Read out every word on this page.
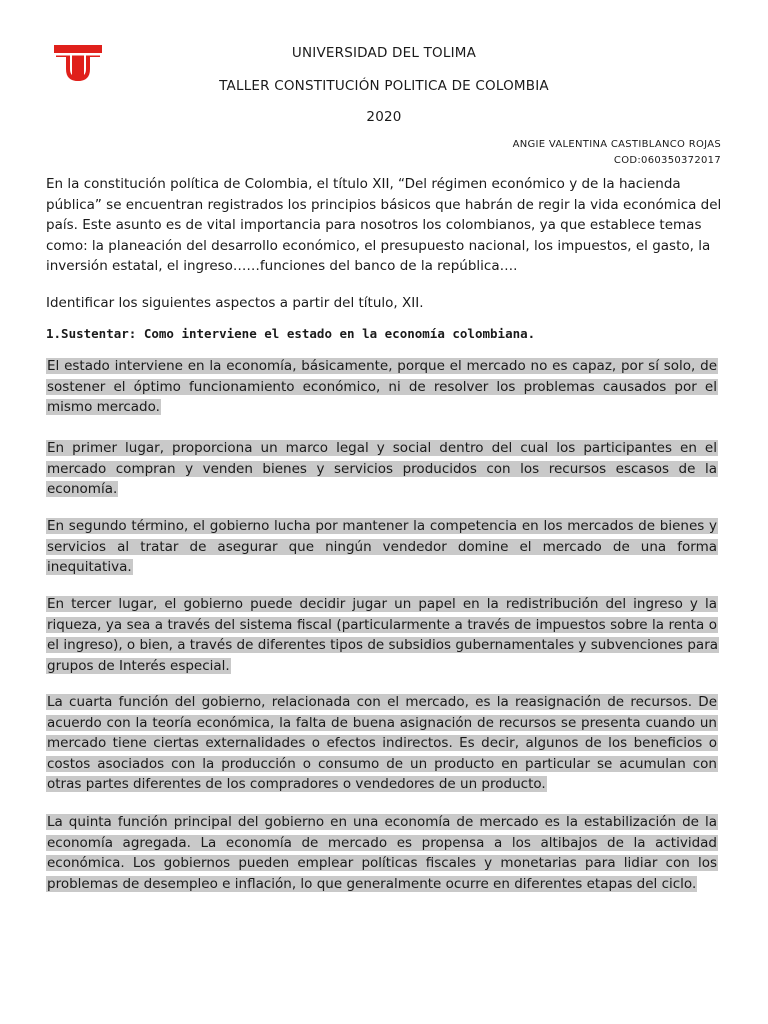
UNIVERSIDAD DEL TOLIMA
TALLER CONSTITUCIÓN POLITICA DE COLOMBIA
2020
ANGIE VALENTINA CASTIBLANCO ROJAS
COD:060350372017
En la constitución política de Colombia, el título XII, “Del régimen económico y de la hacienda pública” se encuentran registrados los principios básicos que habrán de regir la vida económica del país. Este asunto es de vital importancia para nosotros los colombianos, ya que establece temas como: la planeación del desarrollo económico, el presupuesto nacional, los impuestos, el gasto, la inversión estatal, el ingreso……funciones del banco de la república….
Identificar los siguientes aspectos a partir del título, XII.
1.Sustentar: Como interviene el estado en la economía colombiana.
El estado interviene en la economía, básicamente, porque el mercado no es capaz, por sí solo, de sostener el óptimo funcionamiento económico, ni de resolver los problemas causados por el mismo mercado.
En primer lugar, proporciona un marco legal y social dentro del cual los participantes en el mercado compran y venden bienes y servicios producidos con los recursos escasos de la economía.
En segundo término, el gobierno lucha por mantener la competencia en los mercados de bienes y servicios al tratar de asegurar que ningún vendedor domine el mercado de una forma inequitativa.
En tercer lugar, el gobierno puede decidir jugar un papel en la redistribución del ingreso y la riqueza, ya sea a través del sistema fiscal (particularmente a través de impuestos sobre la renta o el ingreso), o bien, a través de diferentes tipos de subsidios gubernamentales y subvenciones para grupos de Interés especial.
La cuarta función del gobierno, relacionada con el mercado, es la reasignación de recursos. De acuerdo con la teoría económica, la falta de buena asignación de recursos se presenta cuando un mercado tiene ciertas externalidades o efectos indirectos. Es decir, algunos de los beneficios o costos asociados con la producción o consumo de un producto en particular se acumulan con otras partes diferentes de los compradores o vendedores de un producto.
La quinta función principal del gobierno en una economía de mercado es la estabilización de la economía agregada. La economía de mercado es propensa a los altibajos de la actividad económica. Los gobiernos pueden emplear políticas fiscales y monetarias para lidiar con los problemas de desempleo e inflación, lo que generalmente ocurre en diferentes etapas del ciclo.
